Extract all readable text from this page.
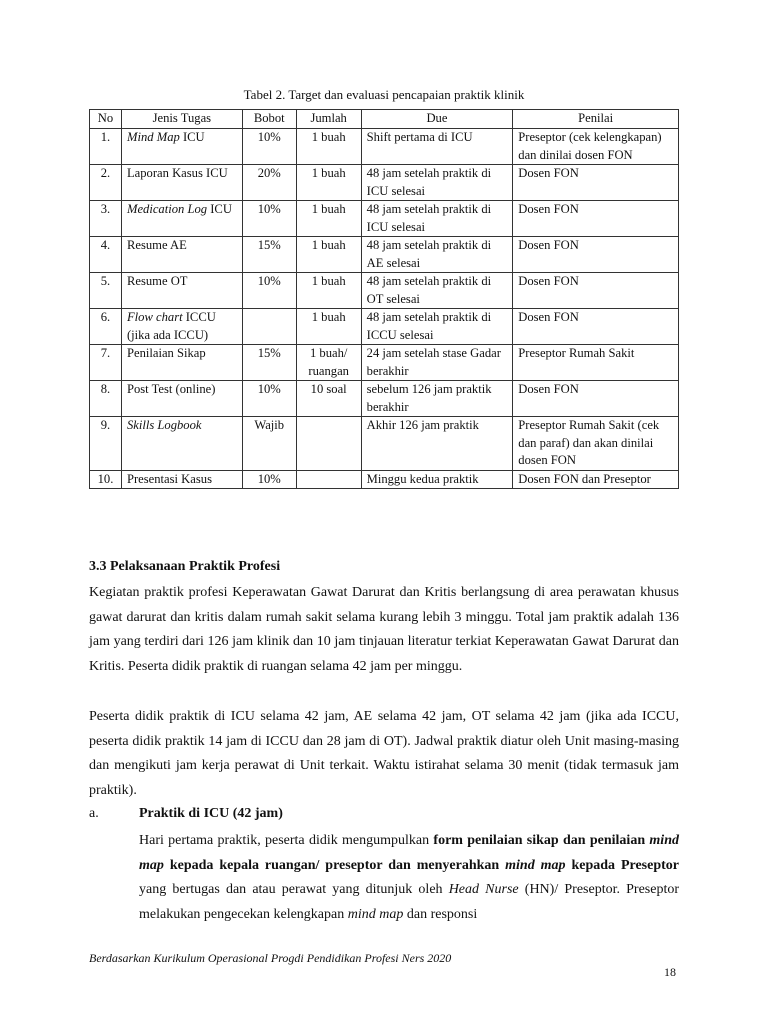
Tabel 2. Target dan evaluasi pencapaian praktik klinik
No	Jenis Tugas	Bobot	Jumlah	Due	Penilai
1.	Mind Map ICU	10%	1 buah	Shift pertama di ICU	Preseptor (cek kelengkapan) dan dinilai dosen FON
2.	Laporan Kasus ICU	20%	1 buah	48 jam setelah praktik di ICU selesai	Dosen FON
3.	Medication Log ICU	10%	1 buah	48 jam setelah praktik di ICU selesai	Dosen FON
4.	Resume AE	15%	1 buah	48 jam setelah praktik di AE selesai	Dosen FON
5.	Resume OT	10%	1 buah	48 jam setelah praktik di OT selesai	Dosen FON
6.	Flow chart ICCU (jika ada ICCU)		1 buah	48 jam setelah praktik di ICCU selesai	Dosen FON
7.	Penilaian Sikap	15%	1 buah/ ruangan	24 jam setelah stase Gadar berakhir	Preseptor Rumah Sakit
8.	Post Test (online)	10%	10 soal	sebelum 126 jam praktik berakhir	Dosen FON
9.	Skills Logbook	Wajib		Akhir 126 jam praktik	Preseptor Rumah Sakit (cek dan paraf) dan akan dinilai dosen FON
10.	Presentasi Kasus	10%		Minggu kedua praktik	Dosen FON dan Preseptor
3.3 Pelaksanaan Praktik Profesi

Kegiatan praktik profesi Keperawatan Gawat Darurat dan Kritis berlangsung di area perawatan khusus gawat darurat dan kritis dalam rumah sakit selama kurang lebih 3 minggu. Total jam praktik adalah 136 jam yang terdiri dari 126 jam klinik dan 10 jam tinjauan literatur terkiat Keperawatan Gawat Darurat dan Kritis. Peserta didik praktik di ruangan selama 42 jam per minggu.

Peserta didik praktik di ICU selama 42 jam, AE selama 42 jam, OT selama 42 jam (jika ada ICCU, peserta didik praktik 14 jam di ICCU dan 28 jam di OT). Jadwal praktik diatur oleh Unit masing-masing dan mengikuti jam kerja perawat di Unit terkait. Waktu istirahat selama 30 menit (tidak termasuk jam praktik).

a.	Praktik di ICU (42 jam)

Hari pertama praktik, peserta didik mengumpulkan form penilaian sikap dan penilaian mind map kepada kepala ruangan/ preseptor dan menyerahkan mind map kepada Preseptor yang bertugas dan atau perawat yang ditunjuk oleh Head Nurse (HN)/ Preseptor. Preseptor melakukan pengecekan kelengkapan mind map dan responsi

Berdasarkan Kurikulum Operasional Progdi Pendidikan Profesi Ners 2020
18
